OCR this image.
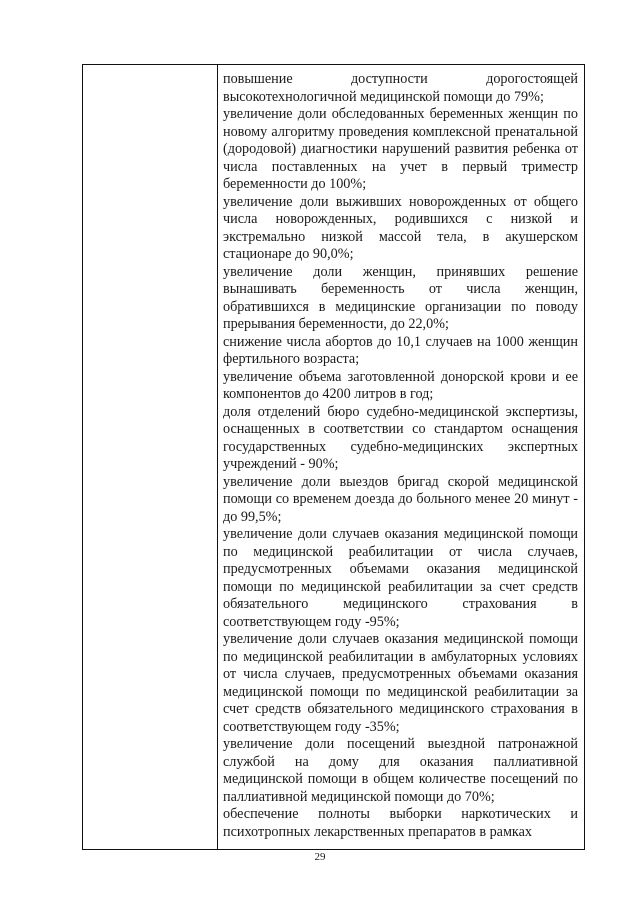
повышение доступности дорогостоящей высокотехнологичной медицинской помощи до 79%;

увеличение доли обследованных беременных женщин по новому алгоритму проведения комплексной пренатальной (дородовой) диагностики нарушений развития ребенка от числа поставленных на учет в первый триместр беременности до 100%;

увеличение доли выживших новорожденных от общего числа новорожденных, родившихся с низкой и экстремально низкой массой тела, в акушерском стационаре до 90,0%;

увеличение доли женщин, принявших решение вынашивать беременность от числа женщин, обратившихся в медицинские организации по поводу прерывания беременности, до 22,0%;

снижение числа абортов до 10,1 случаев на 1000 женщин фертильного возраста;

увеличение объема заготовленной донорской крови и ее компонентов до 4200 литров в год;

доля отделений бюро судебно-медицинской экспертизы, оснащенных в соответствии со стандартом оснащения государственных судебно-медицинских экспертных учреждений - 90%;

увеличение доли выездов бригад скорой медицинской помощи со временем доезда до больного менее 20 минут - до 99,5%;

увеличение доли случаев оказания медицинской помощи по медицинской реабилитации от числа случаев, предусмотренных объемами оказания медицинской помощи по медицинской реабилитации за счет средств обязательного медицинского страхования в соответствующем году -95%;

увеличение доли случаев оказания медицинской помощи по медицинской реабилитации в амбулаторных условиях от числа случаев, предусмотренных объемами оказания медицинской помощи по медицинской реабилитации за счет средств обязательного медицинского страхования в соответствующем году -35%;

увеличение доли посещений выездной патронажной службой на дому для оказания паллиативной медицинской помощи в общем количестве посещений по паллиативной медицинской помощи до 70%;

обеспечение полноты выборки наркотических и психотропных лекарственных препаратов в рамках

29
